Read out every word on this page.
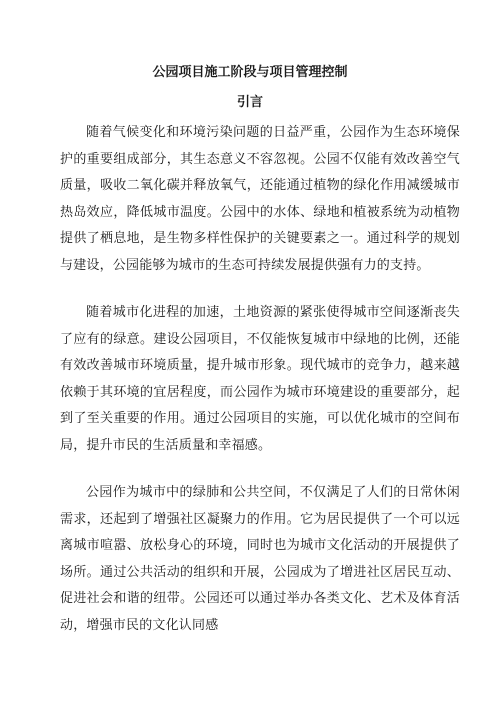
公园项目施工阶段与项目管理控制
引言

随着气候变化和环境污染问题的日益严重，公园作为生态环境保护的重要组成部分，其生态意义不容忽视。公园不仅能有效改善空气质量，吸收二氧化碳并释放氧气，还能通过植物的绿化作用减缓城市热岛效应，降低城市温度。公园中的水体、绿地和植被系统为动植物提供了栖息地，是生物多样性保护的关键要素之一。通过科学的规划与建设，公园能够为城市的生态可持续发展提供强有力的支持。

随着城市化进程的加速，土地资源的紧张使得城市空间逐渐丧失了应有的绿意。建设公园项目，不仅能恢复城市中绿地的比例，还能有效改善城市环境质量，提升城市形象。现代城市的竞争力，越来越依赖于其环境的宜居程度，而公园作为城市环境建设的重要部分，起到了至关重要的作用。通过公园项目的实施，可以优化城市的空间布局，提升市民的生活质量和幸福感。

公园作为城市中的绿肺和公共空间，不仅满足了人们的日常休闲需求，还起到了增强社区凝聚力的作用。它为居民提供了一个可以远离城市喧嚣、放松身心的环境，同时也为城市文化活动的开展提供了场所。通过公共活动的组织和开展，公园成为了增进社区居民互动、促进社会和谐的纽带。公园还可以通过举办各类文化、艺术及体育活动，增强市民的文化认同感
